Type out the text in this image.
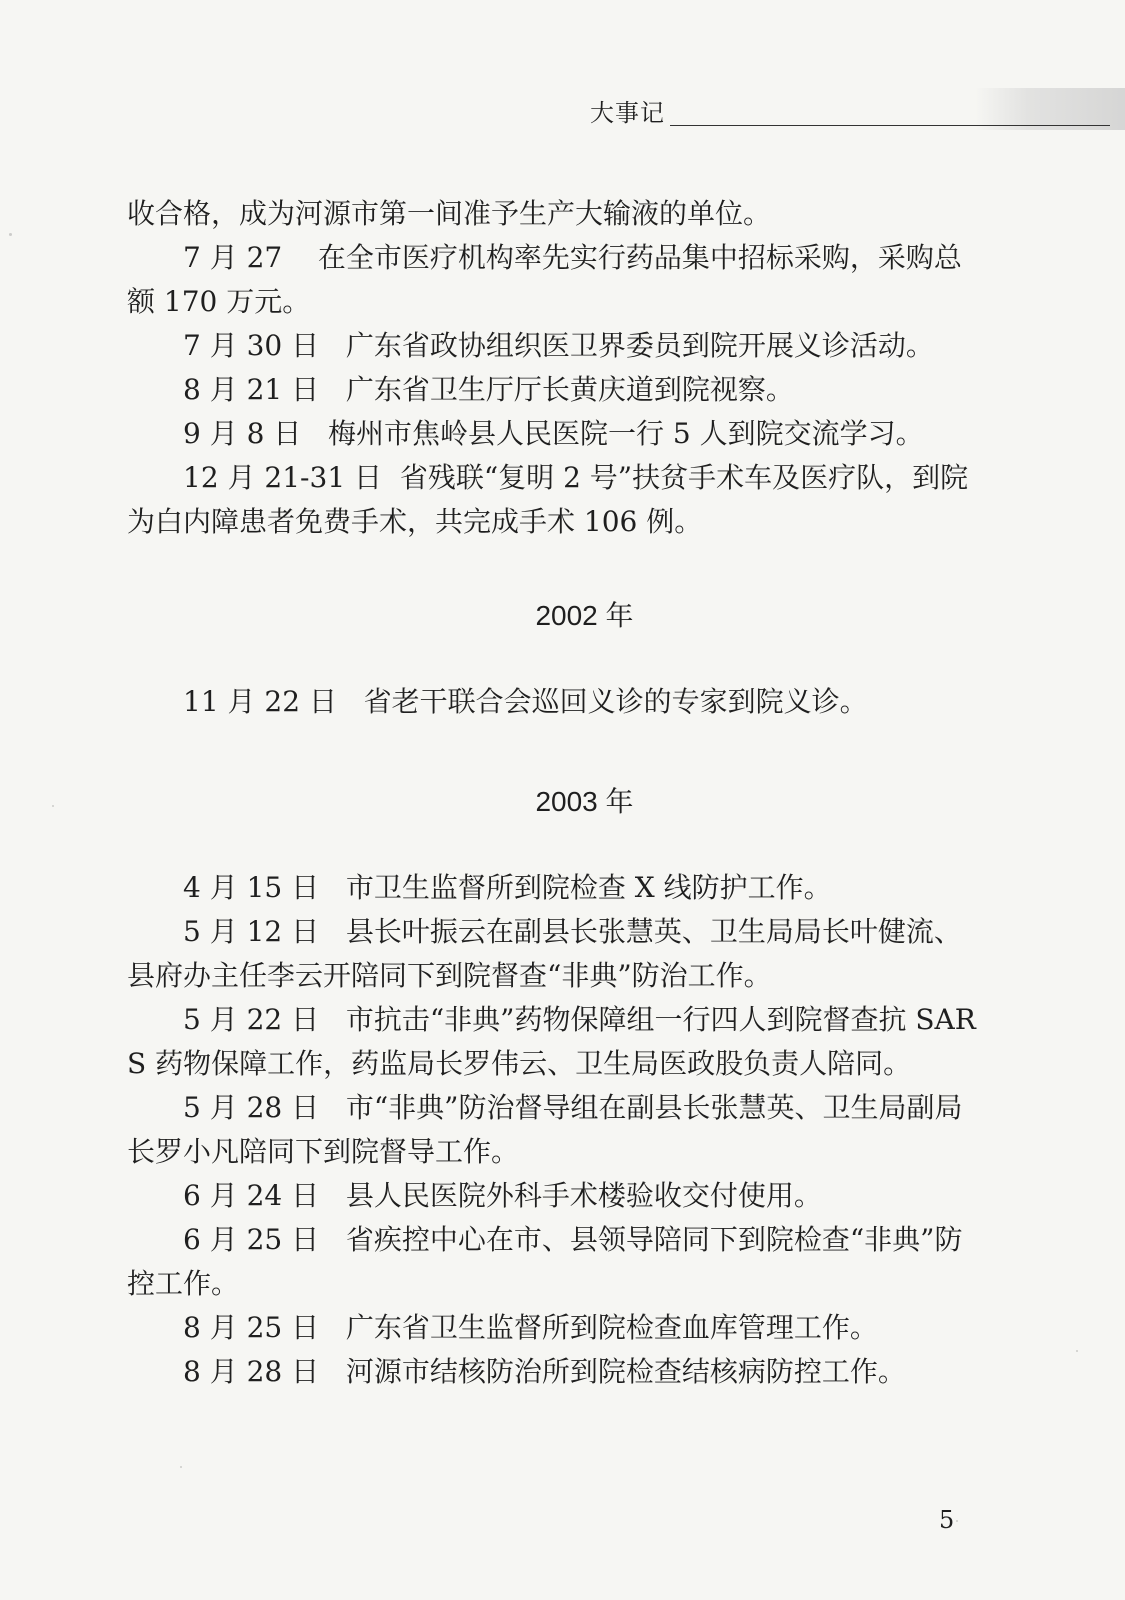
大事记

收合格，成为河源市第一间准予生产大输液的单位。

7 月 27    在全市医疗机构率先实行药品集中招标采购，采购总额 170 万元。

7 月 30 日   广东省政协组织医卫界委员到院开展义诊活动。

8 月 21 日   广东省卫生厅厅长黄庆道到院视察。

9 月 8 日   梅州市焦岭县人民医院一行 5 人到院交流学习。

12 月 21-31 日  省残联“复明 2 号”扶贫手术车及医疗队，到院为白内障患者免费手术，共完成手术 106 例。

2002 年

11 月 22 日   省老干联合会巡回义诊的专家到院义诊。

2003 年

4 月 15 日   市卫生监督所到院检查 X 线防护工作。

5 月 12 日   县长叶振云在副县长张慧英、卫生局局长叶健流、县府办主任李云开陪同下到院督查“非典”防治工作。

5 月 22 日   市抗击“非典”药物保障组一行四人到院督查抗 SARS 药物保障工作，药监局长罗伟云、卫生局医政股负责人陪同。

5 月 28 日   市“非典”防治督导组在副县长张慧英、卫生局副局长罗小凡陪同下到院督导工作。

6 月 24 日   县人民医院外科手术楼验收交付使用。

6 月 25 日   省疾控中心在市、县领导陪同下到院检查“非典”防控工作。

8 月 25 日   广东省卫生监督所到院检查血库管理工作。

8 月 28 日   河源市结核防治所到院检查结核病防控工作。

5
